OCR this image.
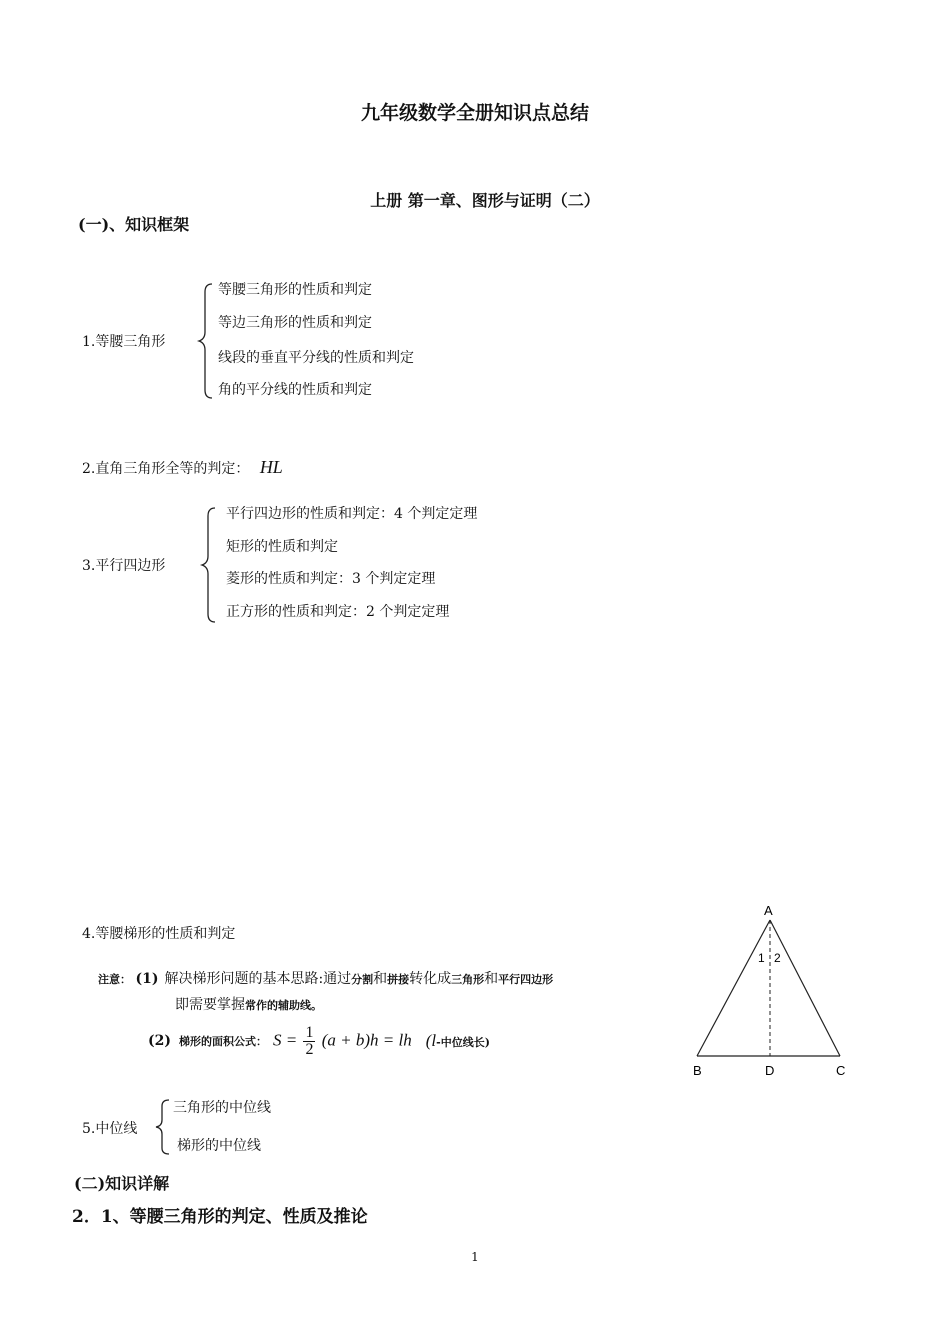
九年级数学全册知识点总结
上册 第一章、图形与证明（二）
(一)、知识框架
1.等腰三角形
等腰三角形的性质和判定
等边三角形的性质和判定
线段的垂直平分线的性质和判定
角的平分线的性质和判定
2.直角三角形全等的判定： HL
3.平行四边形
平行四边形的性质和判定：4 个判定定理
矩形的性质和判定
菱形的性质和判定：3 个判定定理
正方形的性质和判定：2 个判定定理
4.等腰梯形的性质和判定
注意： (1) 解决梯形问题的基本思路:通过分割和拼接转化成三角形和平行四边形
即需要掌握常作的辅助线。
(2) 梯形的面积公式： $S = \frac{1}{2} (a + b)h$ = lh (l-中位线长)
A
B	D	C
1 2
5.中位线
三角形的中位线
梯形的中位线
(二)知识详解
2．1、等腰三角形的判定、性质及推论
1
